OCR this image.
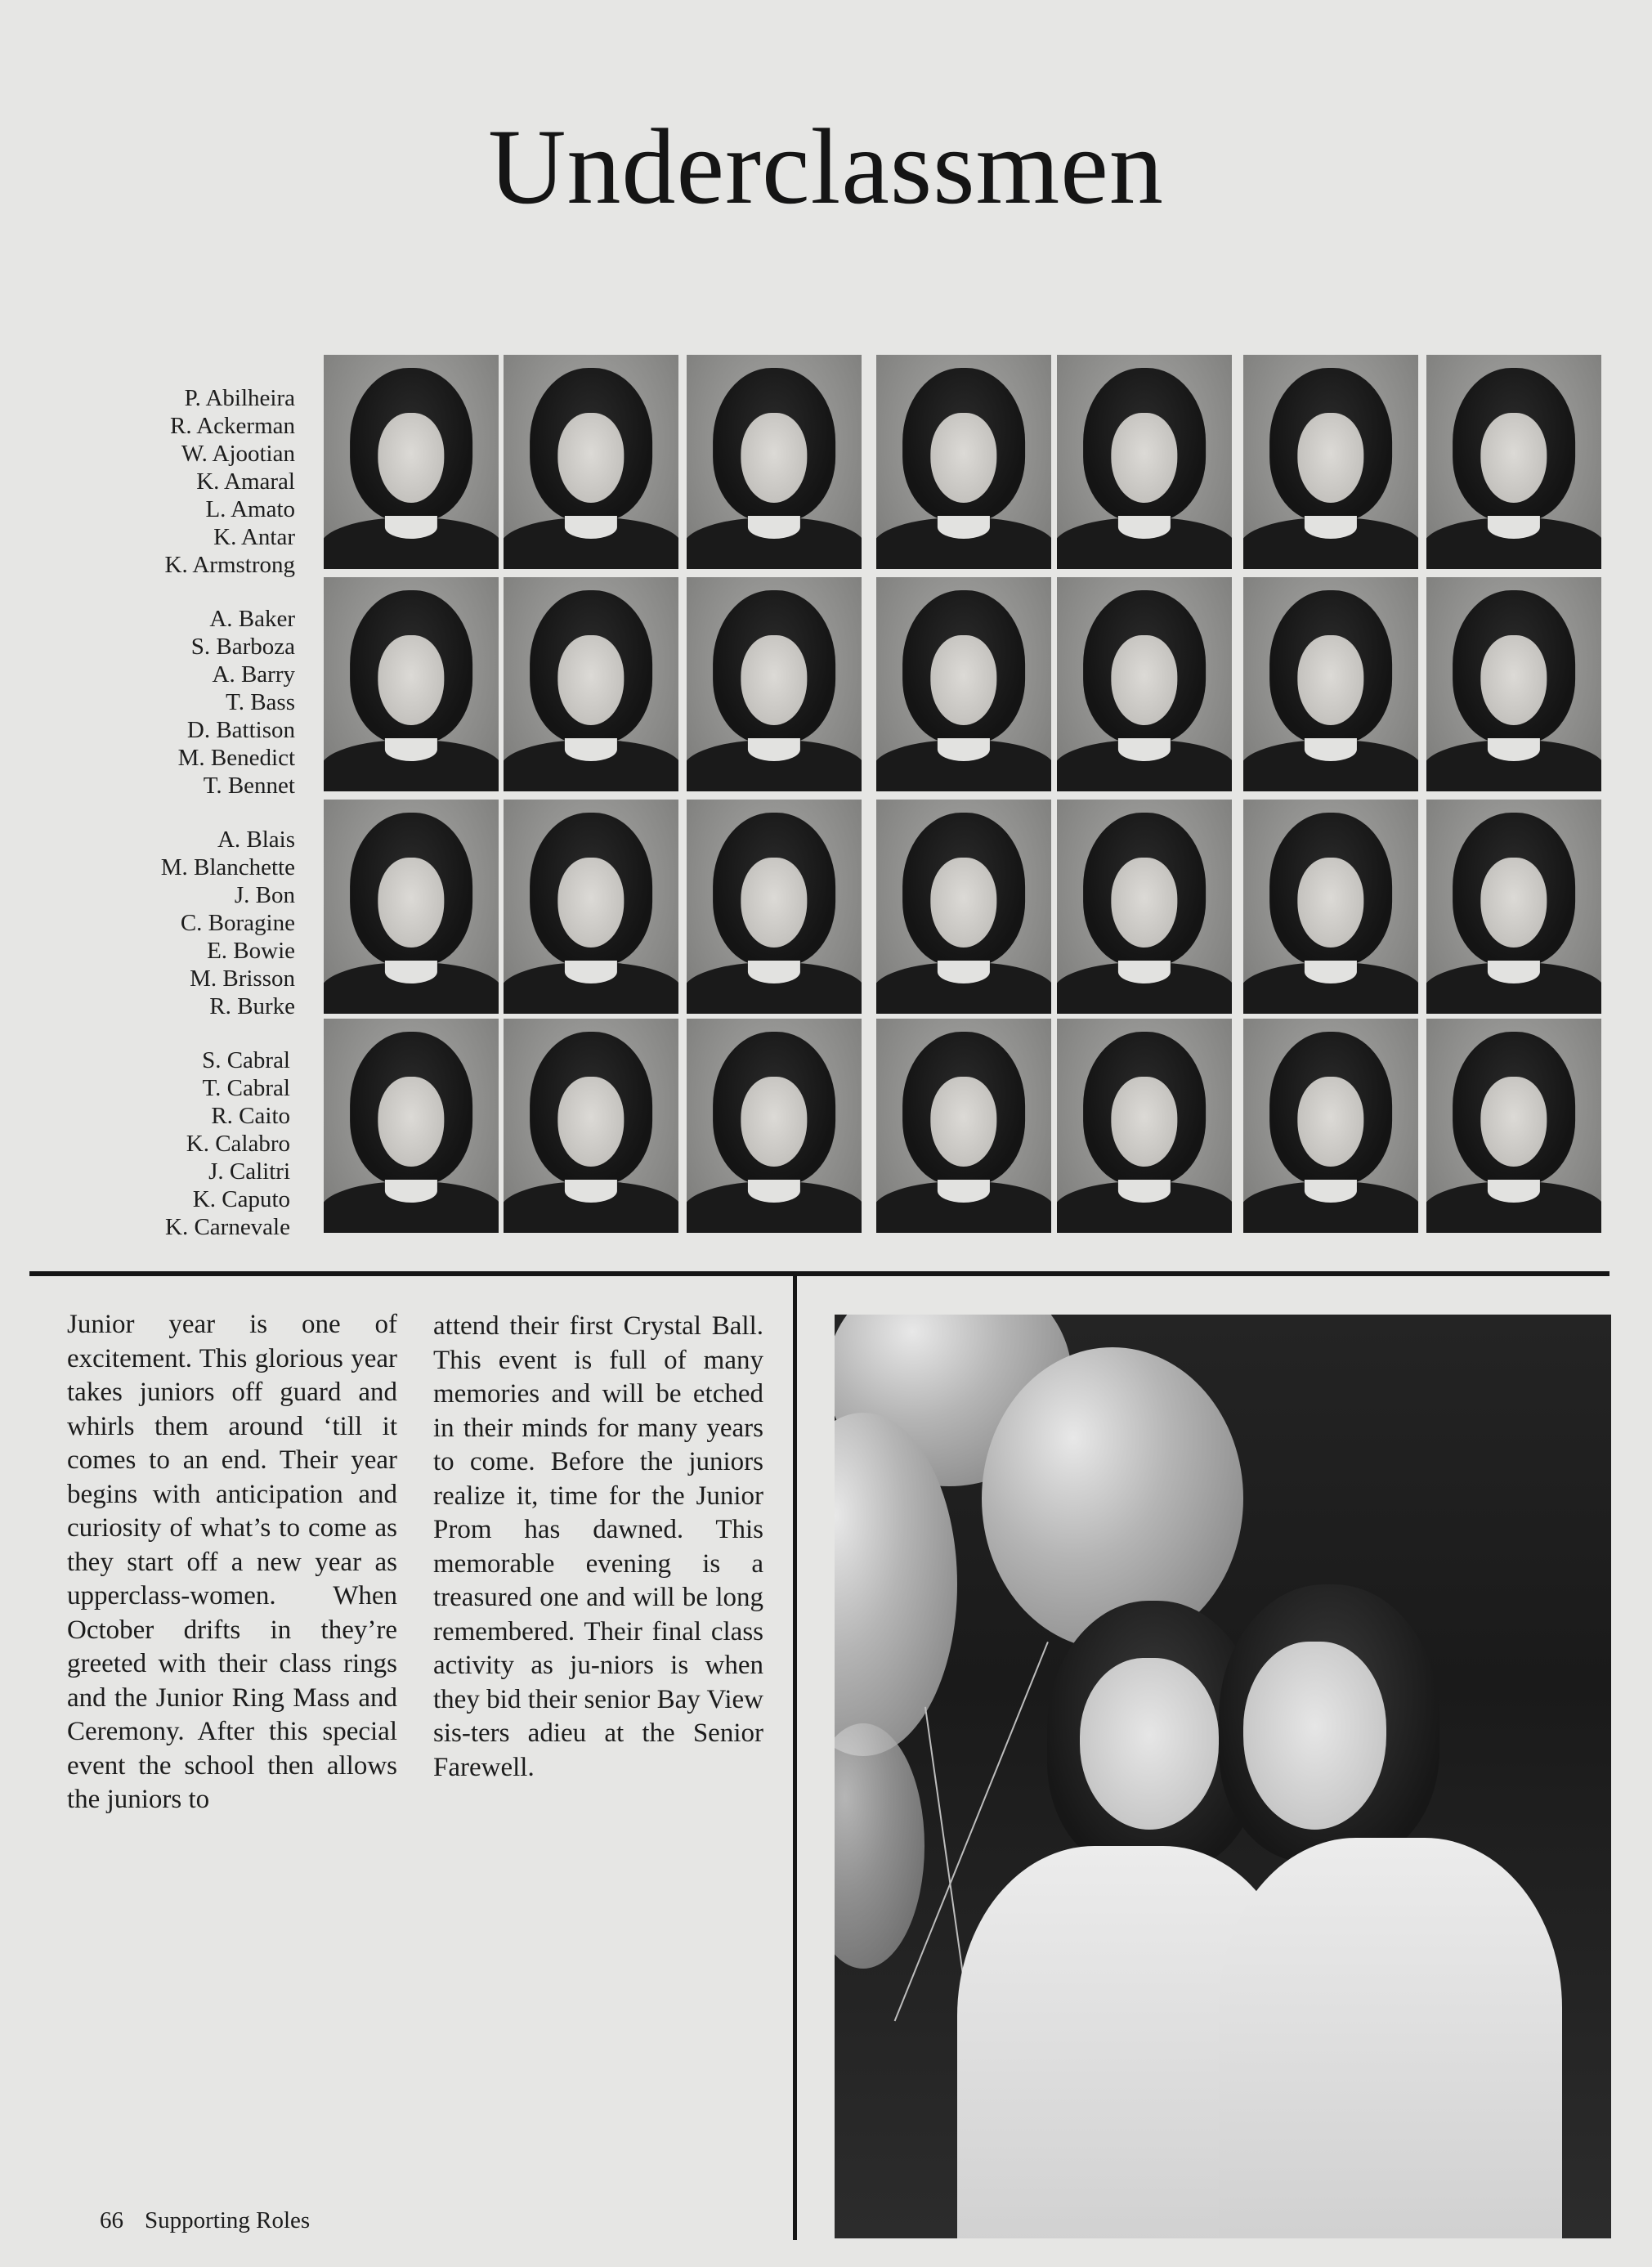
Underclassmen
P. Abilheira
R. Ackerman
W. Ajootian
K. Amaral
L. Amato
K. Antar
K. Armstrong
A. Baker
S. Barboza
A. Barry
T. Bass
D. Battison
M. Benedict
T. Bennet
A. Blais
M. Blanchette
J. Bon
C. Boragine
E. Bowie
M. Brisson
R. Burke
S. Cabral
T. Cabral
R. Caito
K. Calabro
J. Calitri
K. Caputo
K. Carnevale
Junior year is one of excitement. This glorious year takes juniors off guard and whirls them around ‘till it comes to an end. Their year begins with anticipation and curiosity of what’s to come as they start off a new year as upperclass-women. When October drifts in they’re greeted with their class rings and the Junior Ring Mass and Ceremony. After this special event the school then allows the juniors to
attend their first Crystal Ball. This event is full of many memories and will be etched in their minds for many years to come. Before the juniors realize it, time for the Junior Prom has dawned. This memorable evening is a treasured one and will be long remembered. Their final class activity as ju-niors is when they bid their senior Bay View sis-ters adieu at the Senior Farewell.
66 Supporting Roles
